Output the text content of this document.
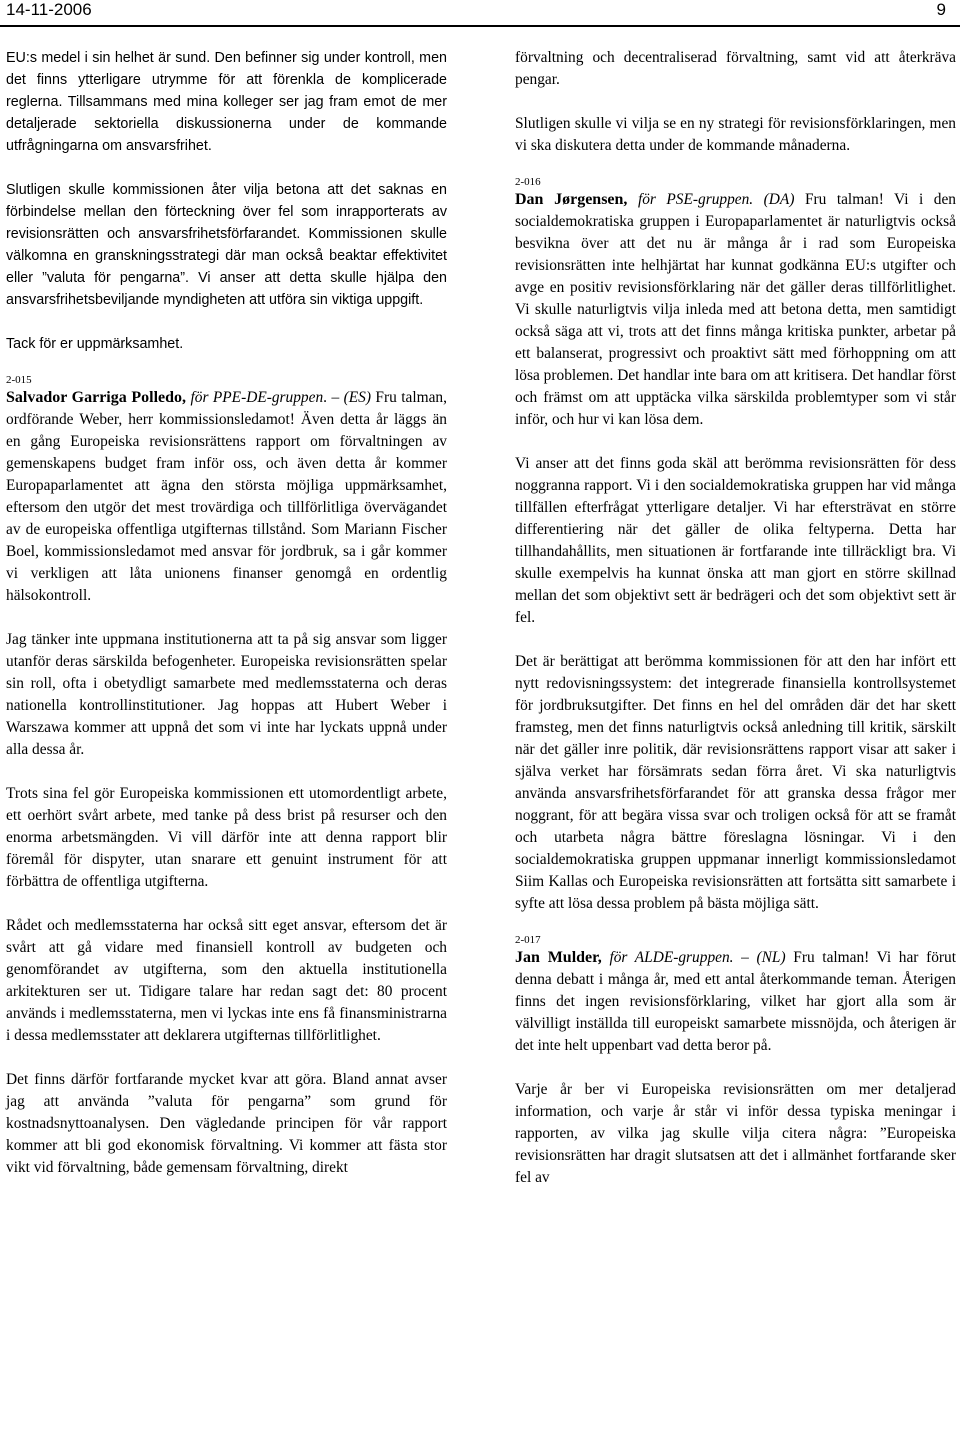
14-11-2006	9

EU:s medel i sin helhet är sund. Den befinner sig under kontroll, men det finns ytterligare utrymme för att förenkla de komplicerade reglerna. Tillsammans med mina kolleger ser jag fram emot de mer detaljerade sektoriella diskussionerna under de kommande utfrågningarna om ansvarsfrihet.

Slutligen skulle kommissionen åter vilja betona att det saknas en förbindelse mellan den förteckning över fel som inrapporterats av revisionsrätten och ansvarsfrihetsförfarandet. Kommissionen skulle välkomna en granskningsstrategi där man också beaktar effektivitet eller ”valuta för pengarna”. Vi anser att detta skulle hjälpa den ansvarsfrihetsbeviljande myndigheten att utföra sin viktiga uppgift.

Tack för er uppmärksamhet.

2-015

Salvador Garriga Polledo, för PPE-DE-gruppen. – (ES) Fru talman, ordförande Weber, herr kommissionsledamot! Även detta år läggs än en gång Europeiska revisionsrättens rapport om förvaltningen av gemenskapens budget fram inför oss, och även detta år kommer Europaparlamentet att ägna den största möjliga uppmärksamhet, eftersom den utgör det mest trovärdiga och tillförlitliga övervägandet av de europeiska offentliga utgifternas tillstånd. Som Mariann Fischer Boel, kommissionsledamot med ansvar för jordbruk, sa i går kommer vi verkligen att låta unionens finanser genomgå en ordentlig hälsokontroll.

Jag tänker inte uppmana institutionerna att ta på sig ansvar som ligger utanför deras särskilda befogenheter. Europeiska revisionsrätten spelar sin roll, ofta i obetydligt samarbete med medlemsstaterna och deras nationella kontrollinstitutioner. Jag hoppas att Hubert Weber i Warszawa kommer att uppnå det som vi inte har lyckats uppnå under alla dessa år.

Trots sina fel gör Europeiska kommissionen ett utomordentligt arbete, ett oerhört svårt arbete, med tanke på dess brist på resurser och den enorma arbetsmängden. Vi vill därför inte att denna rapport blir föremål för dispyter, utan snarare ett genuint instrument för att förbättra de offentliga utgifterna.

Rådet och medlemsstaterna har också sitt eget ansvar, eftersom det är svårt att gå vidare med finansiell kontroll av budgeten och genomförandet av utgifterna, som den aktuella institutionella arkitekturen ser ut. Tidigare talare har redan sagt det: 80 procent används i medlemsstaterna, men vi lyckas inte ens få finansministrarna i dessa medlemsstater att deklarera utgifternas tillförlitlighet.

Det finns därför fortfarande mycket kvar att göra. Bland annat avser jag att använda ”valuta för pengarna” som grund för kostnadsnyttoanalysen. Den vägledande principen för vår rapport kommer att bli god ekonomisk förvaltning. Vi kommer att fästa stor vikt vid förvaltning, både gemensam förvaltning, direkt

förvaltning och decentraliserad förvaltning, samt vid att återkräva pengar.

Slutligen skulle vi vilja se en ny strategi för revisionsförklaringen, men vi ska diskutera detta under de kommande månaderna.

2-016

Dan Jørgensen, för PSE-gruppen. (DA) Fru talman! Vi i den socialdemokratiska gruppen i Europaparlamentet är naturligtvis också besvikna över att det nu är många år i rad som Europeiska revisionsrätten inte helhjärtat har kunnat godkänna EU:s utgifter och avge en positiv revisionsförklaring när det gäller deras tillförlitlighet. Vi skulle naturligtvis vilja inleda med att betona detta, men samtidigt också säga att vi, trots att det finns många kritiska punkter, arbetar på ett balanserat, progressivt och proaktivt sätt med förhoppning om att lösa problemen. Det handlar inte bara om att kritisera. Det handlar först och främst om att upptäcka vilka särskilda problemtyper som vi står inför, och hur vi kan lösa dem.

Vi anser att det finns goda skäl att berömma revisionsrätten för dess noggranna rapport. Vi i den socialdemokratiska gruppen har vid många tillfällen efterfrågat ytterligare detaljer. Vi har eftersträvat en större differentiering när det gäller de olika feltyperna. Detta har tillhandahållits, men situationen är fortfarande inte tillräckligt bra. Vi skulle exempelvis ha kunnat önska att man gjort en större skillnad mellan det som objektivt sett är bedrägeri och det som objektivt sett är fel.

Det är berättigat att berömma kommissionen för att den har infört ett nytt redovisningssystem: det integrerade finansiella kontrollsystemet för jordbruksutgifter. Det finns en hel del områden där det har skett framsteg, men det finns naturligtvis också anledning till kritik, särskilt när det gäller inre politik, där revisionsrättens rapport visar att saker i själva verket har försämrats sedan förra året. Vi ska naturligtvis använda ansvarsfrihetsförfarandet för att granska dessa frågor mer noggrant, för att begära vissa svar och troligen också för att se framåt och utarbeta några bättre föreslagna lösningar. Vi i den socialdemokratiska gruppen uppmanar innerligt kommissionsledamot Siim Kallas och Europeiska revisionsrätten att fortsätta sitt samarbete i syfte att lösa dessa problem på bästa möjliga sätt.

2-017

Jan Mulder, för ALDE-gruppen. – (NL) Fru talman! Vi har förut denna debatt i många år, med ett antal återkommande teman. Återigen finns det ingen revisionsförklaring, vilket har gjort alla som är välvilligt inställda till europeiskt samarbete missnöjda, och återigen är det inte helt uppenbart vad detta beror på.

Varje år ber vi Europeiska revisionsrätten om mer detaljerad information, och varje år står vi inför dessa typiska meningar i rapporten, av vilka jag skulle vilja citera några: ”Europeiska revisionsrätten har dragit slutsatsen att det i allmänhet fortfarande sker fel av
